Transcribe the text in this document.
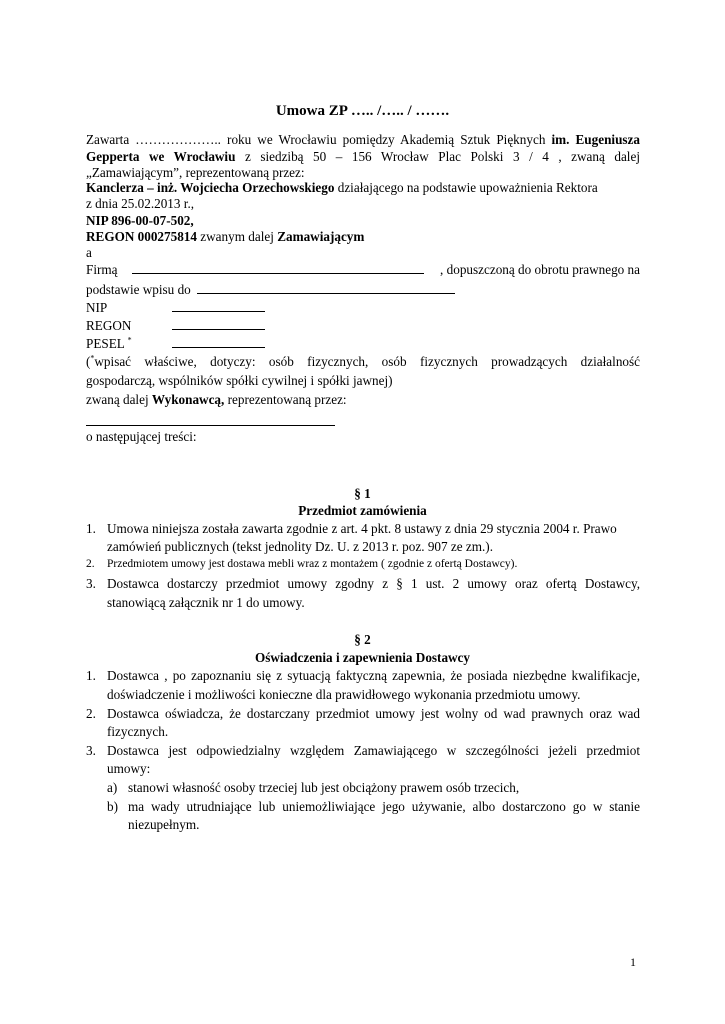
Umowa ZP ….. /….. / …….
Zawarta ……………….. roku we Wrocławiu pomiędzy Akademią Sztuk Pięknych im. Eugeniusza
Gepperta we Wrocławiu z siedzibą 50 – 156 Wrocław Plac Polski 3 / 4 , zwaną dalej
„Zamawiającym”, reprezentowaną przez:
Kanclerza – inż. Wojciecha Orzechowskiego działającego na podstawie upoważnienia Rektora
z dnia 25.02.2013 r.,
NIP 896-00-07-502,
REGON 000275814 zwanym dalej Zamawiającym
a
Firmą	, dopuszczoną do obrotu prawnego na
podstawie wpisu do
NIP
REGON
PESEL *
(*wpisać właściwe, dotyczy: osób fizycznych, osób fizycznych prowadzących działalność
gospodarczą, wspólników spółki cywilnej i spółki jawnej)
zwaną dalej Wykonawcą, reprezentowaną przez:
o następującej treści:
§ 1
Przedmiot zamówienia
1. Umowa niniejsza została zawarta zgodnie z art. 4 pkt. 8 ustawy z dnia 29 stycznia 2004 r. Prawo
zamówień publicznych (tekst jednolity Dz. U. z 2013 r. poz. 907 ze zm.).
2. Przedmiotem umowy jest dostawa mebli wraz z montażem ( zgodnie z ofertą Dostawcy).
3. Dostawca dostarczy przedmiot umowy zgodny z § 1 ust. 2 umowy oraz ofertą Dostawcy,
stanowiącą załącznik nr 1 do umowy.
§ 2
Oświadczenia i zapewnienia Dostawcy
1. Dostawca , po zapoznaniu się z sytuacją faktyczną zapewnia, że posiada niezbędne kwalifikacje,
doświadczenie i możliwości konieczne dla prawidłowego wykonania przedmiotu umowy.
2. Dostawca oświadcza, że dostarczany przedmiot umowy jest wolny od wad prawnych oraz wad
fizycznych.
3. Dostawca jest odpowiedzialny względem Zamawiającego w szczególności jeżeli przedmiot
umowy:
a) stanowi własność osoby trzeciej lub jest obciążony prawem osób trzecich,
b) ma wady utrudniające lub uniemożliwiające jego używanie, albo dostarczono go w stanie
niezupełnym.
1
